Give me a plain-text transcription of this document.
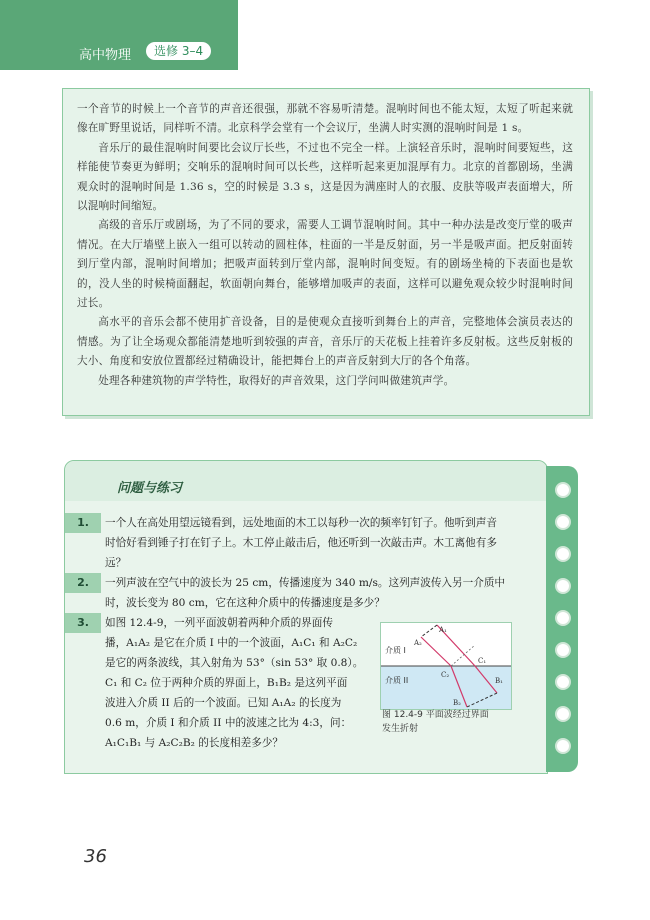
高中物理	选修 3–4

一个音节的时候上一个音节的声音还很强，那就不容易听清楚。混响时间也不能太短，太短了听起来就像在旷野里说话，同样听不清。北京科学会堂有一个会议厅，坐满人时实测的混响时间是 1 s。

音乐厅的最佳混响时间要比会议厅长些，不过也不完全一样。上演轻音乐时，混响时间要短些，这样能使节奏更为鲜明；交响乐的混响时间可以长些，这样听起来更加混厚有力。北京的首都剧场，坐满观众时的混响时间是 1.36 s，空的时候是 3.3 s，这是因为满座时人的衣服、皮肤等吸声表面增大，所以混响时间缩短。

高级的音乐厅或剧场，为了不同的要求，需要人工调节混响时间。其中一种办法是改变厅堂的吸声情况。在大厅墙壁上嵌入一组可以转动的圆柱体，柱面的一半是反射面，另一半是吸声面。把反射面转到厅堂内部，混响时间增加；把吸声面转到厅堂内部，混响时间变短。有的剧场坐椅的下表面也是软的，没人坐的时候椅面翻起，软面朝向舞台，能够增加吸声的表面，这样可以避免观众较少时混响时间过长。

高水平的音乐会都不使用扩音设备，目的是使观众直接听到舞台上的声音，完整地体会演员表达的情感。为了让全场观众都能清楚地听到较强的声音，音乐厅的天花板上挂着许多反射板。这些反射板的大小、角度和安放位置都经过精确设计，能把舞台上的声音反射到大厅的各个角落。

处理各种建筑物的声学特性，取得好的声音效果，这门学问叫做建筑声学。

问题与练习
1.	一个人在高处用望远镜看到，远处地面的木工以每秒一次的频率钉钉子。他听到声音
时恰好看到锤子打在钉子上。木工停止敲击后，他还听到一次敲击声。木工离他有多
远？
2.	一列声波在空气中的波长为 25 cm，传播速度为 340 m/s。这列声波传入另一介质中
时，波长变为 80 cm，它在这种介质中的传播速度是多少？
3.	如图 12.4-9，一列平面波朝着两种介质的界面传
播，A₁A₂ 是它在介质 I 中的一个波面，A₁C₁ 和 A₂C₂
是它的两条波线，其入射角为 53°（sin 53° 取 0.8）。
C₁ 和 C₂ 位于两种介质的界面上，B₁B₂ 是这列平面
波进入介质 II 后的一个波面。已知 A₁A₂ 的长度为
0.6 m，介质 I 和介质 II 中的波速之比为 4:3，问：
A₁C₁B₁ 与 A₂C₂B₂ 的长度相差多少？
介质 I
介质 II
A₁
A₂
C₁
C₂
B₁
B₂
图 12.4-9 平面波经过界面
发生折射
36
